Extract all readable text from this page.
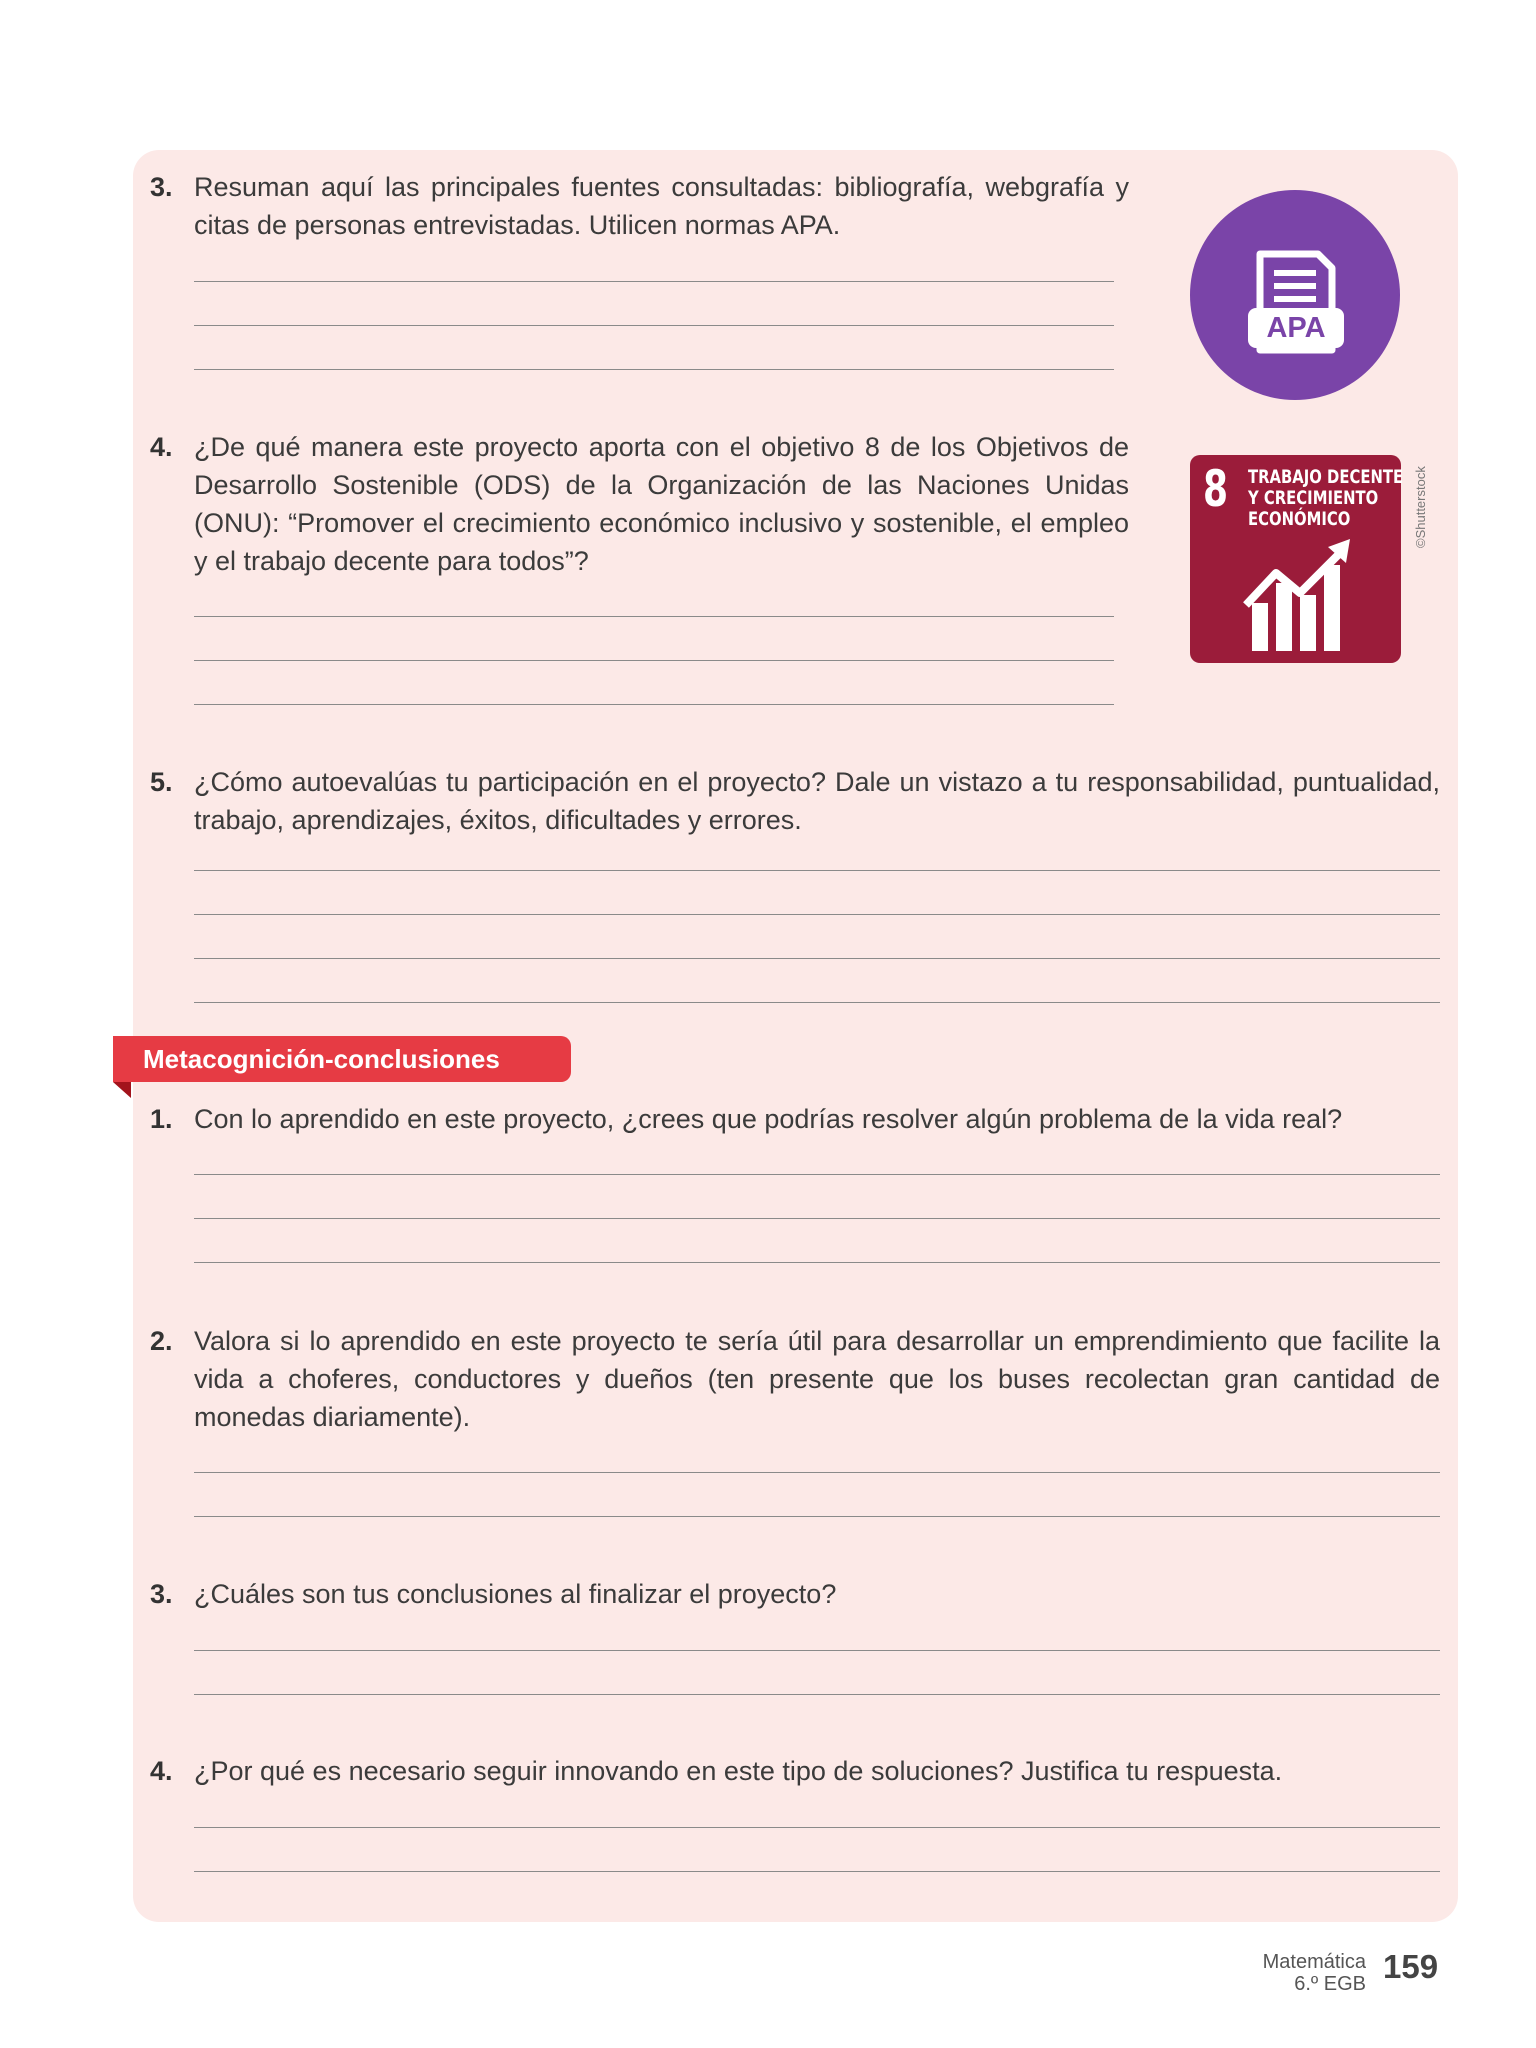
3. Resuman aquí las principales fuentes consultadas: bibliografía, webgrafía y citas de personas entrevistadas. Utilicen normas APA.
APA
4. ¿De qué manera este proyecto aporta con el objetivo 8 de los Objetivos de Desarrollo Sostenible (ODS) de la Organización de las Naciones Unidas (ONU): “Promover el crecimiento económico inclusivo y sostenible, el empleo y el trabajo decente para todos”?
8 TRABAJO DECENTE
Y CRECIMIENTO
ECONÓMICO	©Shutterstock
5. ¿Cómo autoevalúas tu participación en el proyecto? Dale un vistazo a tu responsabilidad, puntualidad, trabajo, aprendizajes, éxitos, dificultades y errores.
Metacognición-conclusiones
1. Con lo aprendido en este proyecto, ¿crees que podrías resolver algún problema de la vida real?
2. Valora si lo aprendido en este proyecto te sería útil para desarrollar un emprendimiento que facilite la vida a choferes, conductores y dueños (ten presente que los buses recolectan gran cantidad de monedas diariamente).
3. ¿Cuáles son tus conclusiones al finalizar el proyecto?
4. ¿Por qué es necesario seguir innovando en este tipo de soluciones? Justifica tu respuesta.
Matemática
6.º EGB 159
